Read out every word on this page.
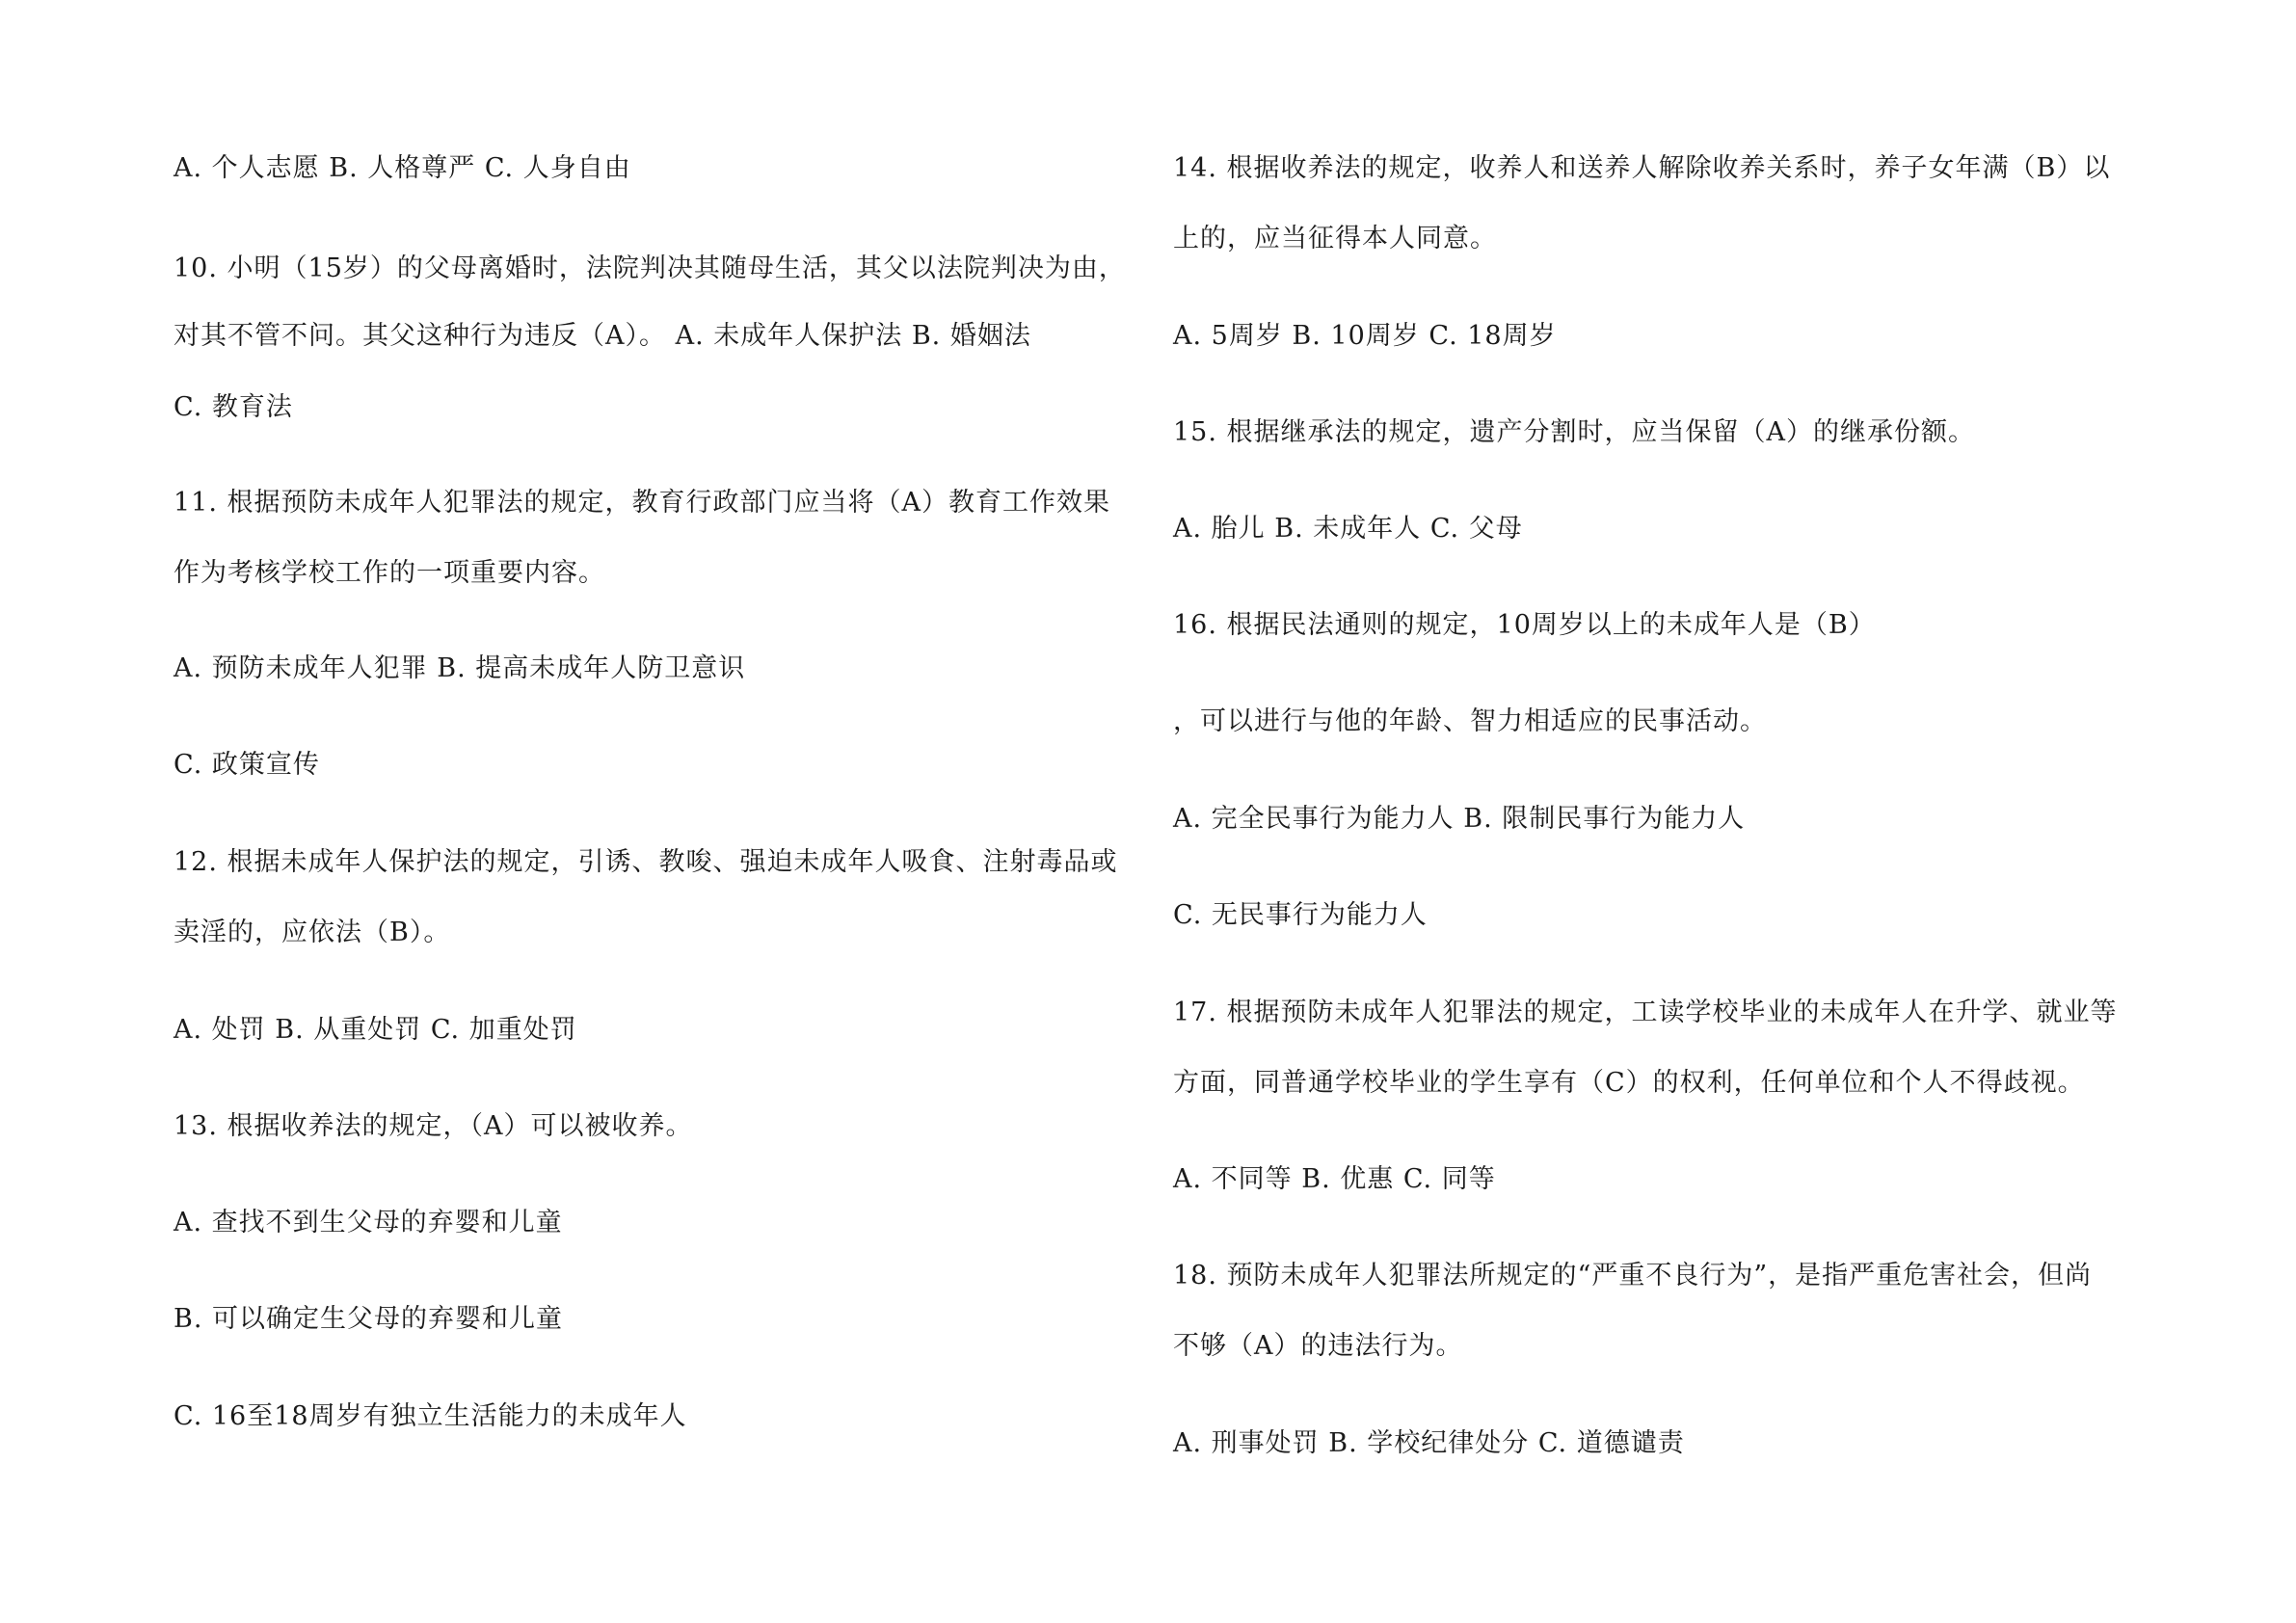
A. 个人志愿 B. 人格尊严 C. 人身自由
10. 小明（15岁）的父母离婚时，法院判决其随母生活，其父以法院判决为由，
对其不管不问。其父这种行为违反（A）。 A. 未成年人保护法 B. 婚姻法
C. 教育法
11. 根据预防未成年人犯罪法的规定，教育行政部门应当将（A）教育工作效果
作为考核学校工作的一项重要内容。
A. 预防未成年人犯罪 B. 提高未成年人防卫意识
C. 政策宣传
12. 根据未成年人保护法的规定，引诱、教唆、强迫未成年人吸食、注射毒品或
卖淫的，应依法（B）。
A. 处罚 B. 从重处罚 C. 加重处罚
13. 根据收养法的规定，（A）可以被收养。
A. 查找不到生父母的弃婴和儿童
B. 可以确定生父母的弃婴和儿童
C. 16至18周岁有独立生活能力的未成年人
14. 根据收养法的规定，收养人和送养人解除收养关系时，养子女年满（B）以
上的，应当征得本人同意。
A. 5周岁 B. 10周岁 C. 18周岁
15. 根据继承法的规定，遗产分割时，应当保留（A）的继承份额。
A. 胎儿 B. 未成年人 C. 父母
16. 根据民法通则的规定，10周岁以上的未成年人是（B）
，可以进行与他的年龄、智力相适应的民事活动。
A. 完全民事行为能力人 B. 限制民事行为能力人
C. 无民事行为能力人
17. 根据预防未成年人犯罪法的规定，工读学校毕业的未成年人在升学、就业等
方面，同普通学校毕业的学生享有（C）的权利，任何单位和个人不得歧视。
A. 不同等 B. 优惠 C. 同等
18. 预防未成年人犯罪法所规定的“严重不良行为”，是指严重危害社会，但尚
不够（A）的违法行为。
A. 刑事处罚 B. 学校纪律处分 C. 道德谴责
